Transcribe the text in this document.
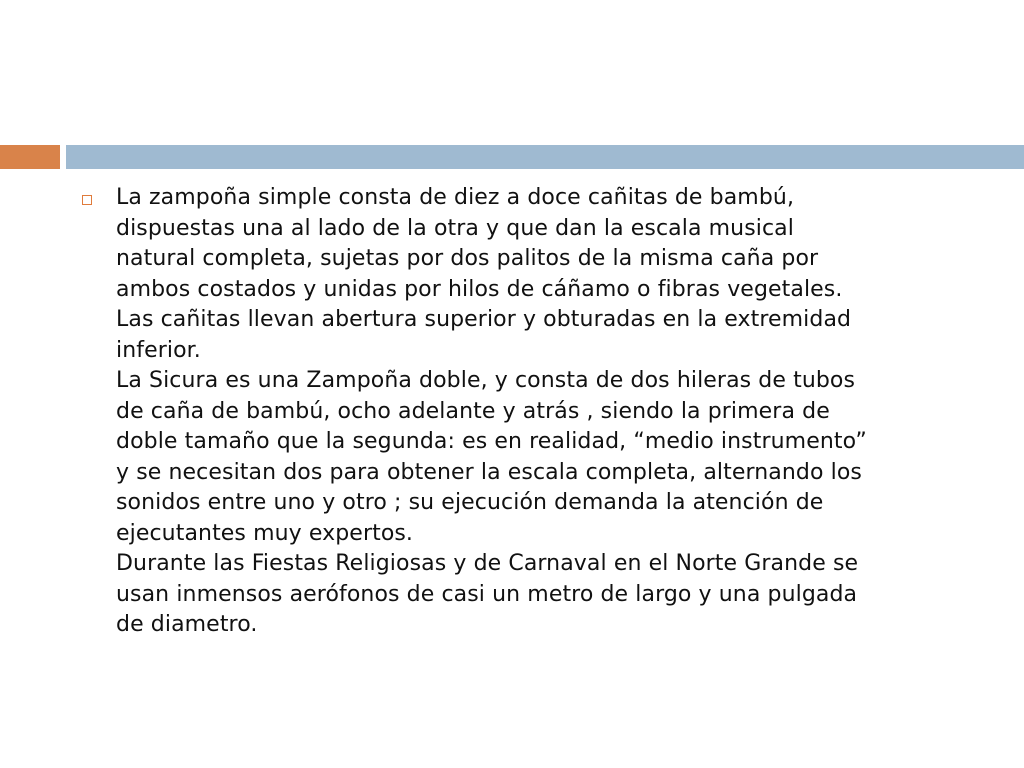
La zampoña simple consta de diez a doce cañitas de bambú,
dispuestas una al lado de la otra y que dan la escala musical
natural completa, sujetas por dos palitos de la misma caña por
ambos costados y unidas por hilos de cáñamo o fibras vegetales.
Las cañitas llevan abertura superior y obturadas en la extremidad
inferior.
La Sicura es una Zampoña doble, y consta de dos hileras de tubos
de caña de bambú, ocho adelante y atrás , siendo la primera de
doble tamaño que la segunda: es en realidad, “medio instrumento”
y se necesitan dos para obtener la escala completa, alternando los
sonidos entre uno y otro ; su ejecución demanda la atención de
ejecutantes muy expertos.
Durante las Fiestas Religiosas y de Carnaval en el Norte Grande se
usan inmensos aerófonos de casi un metro de largo y una pulgada
de diametro.
